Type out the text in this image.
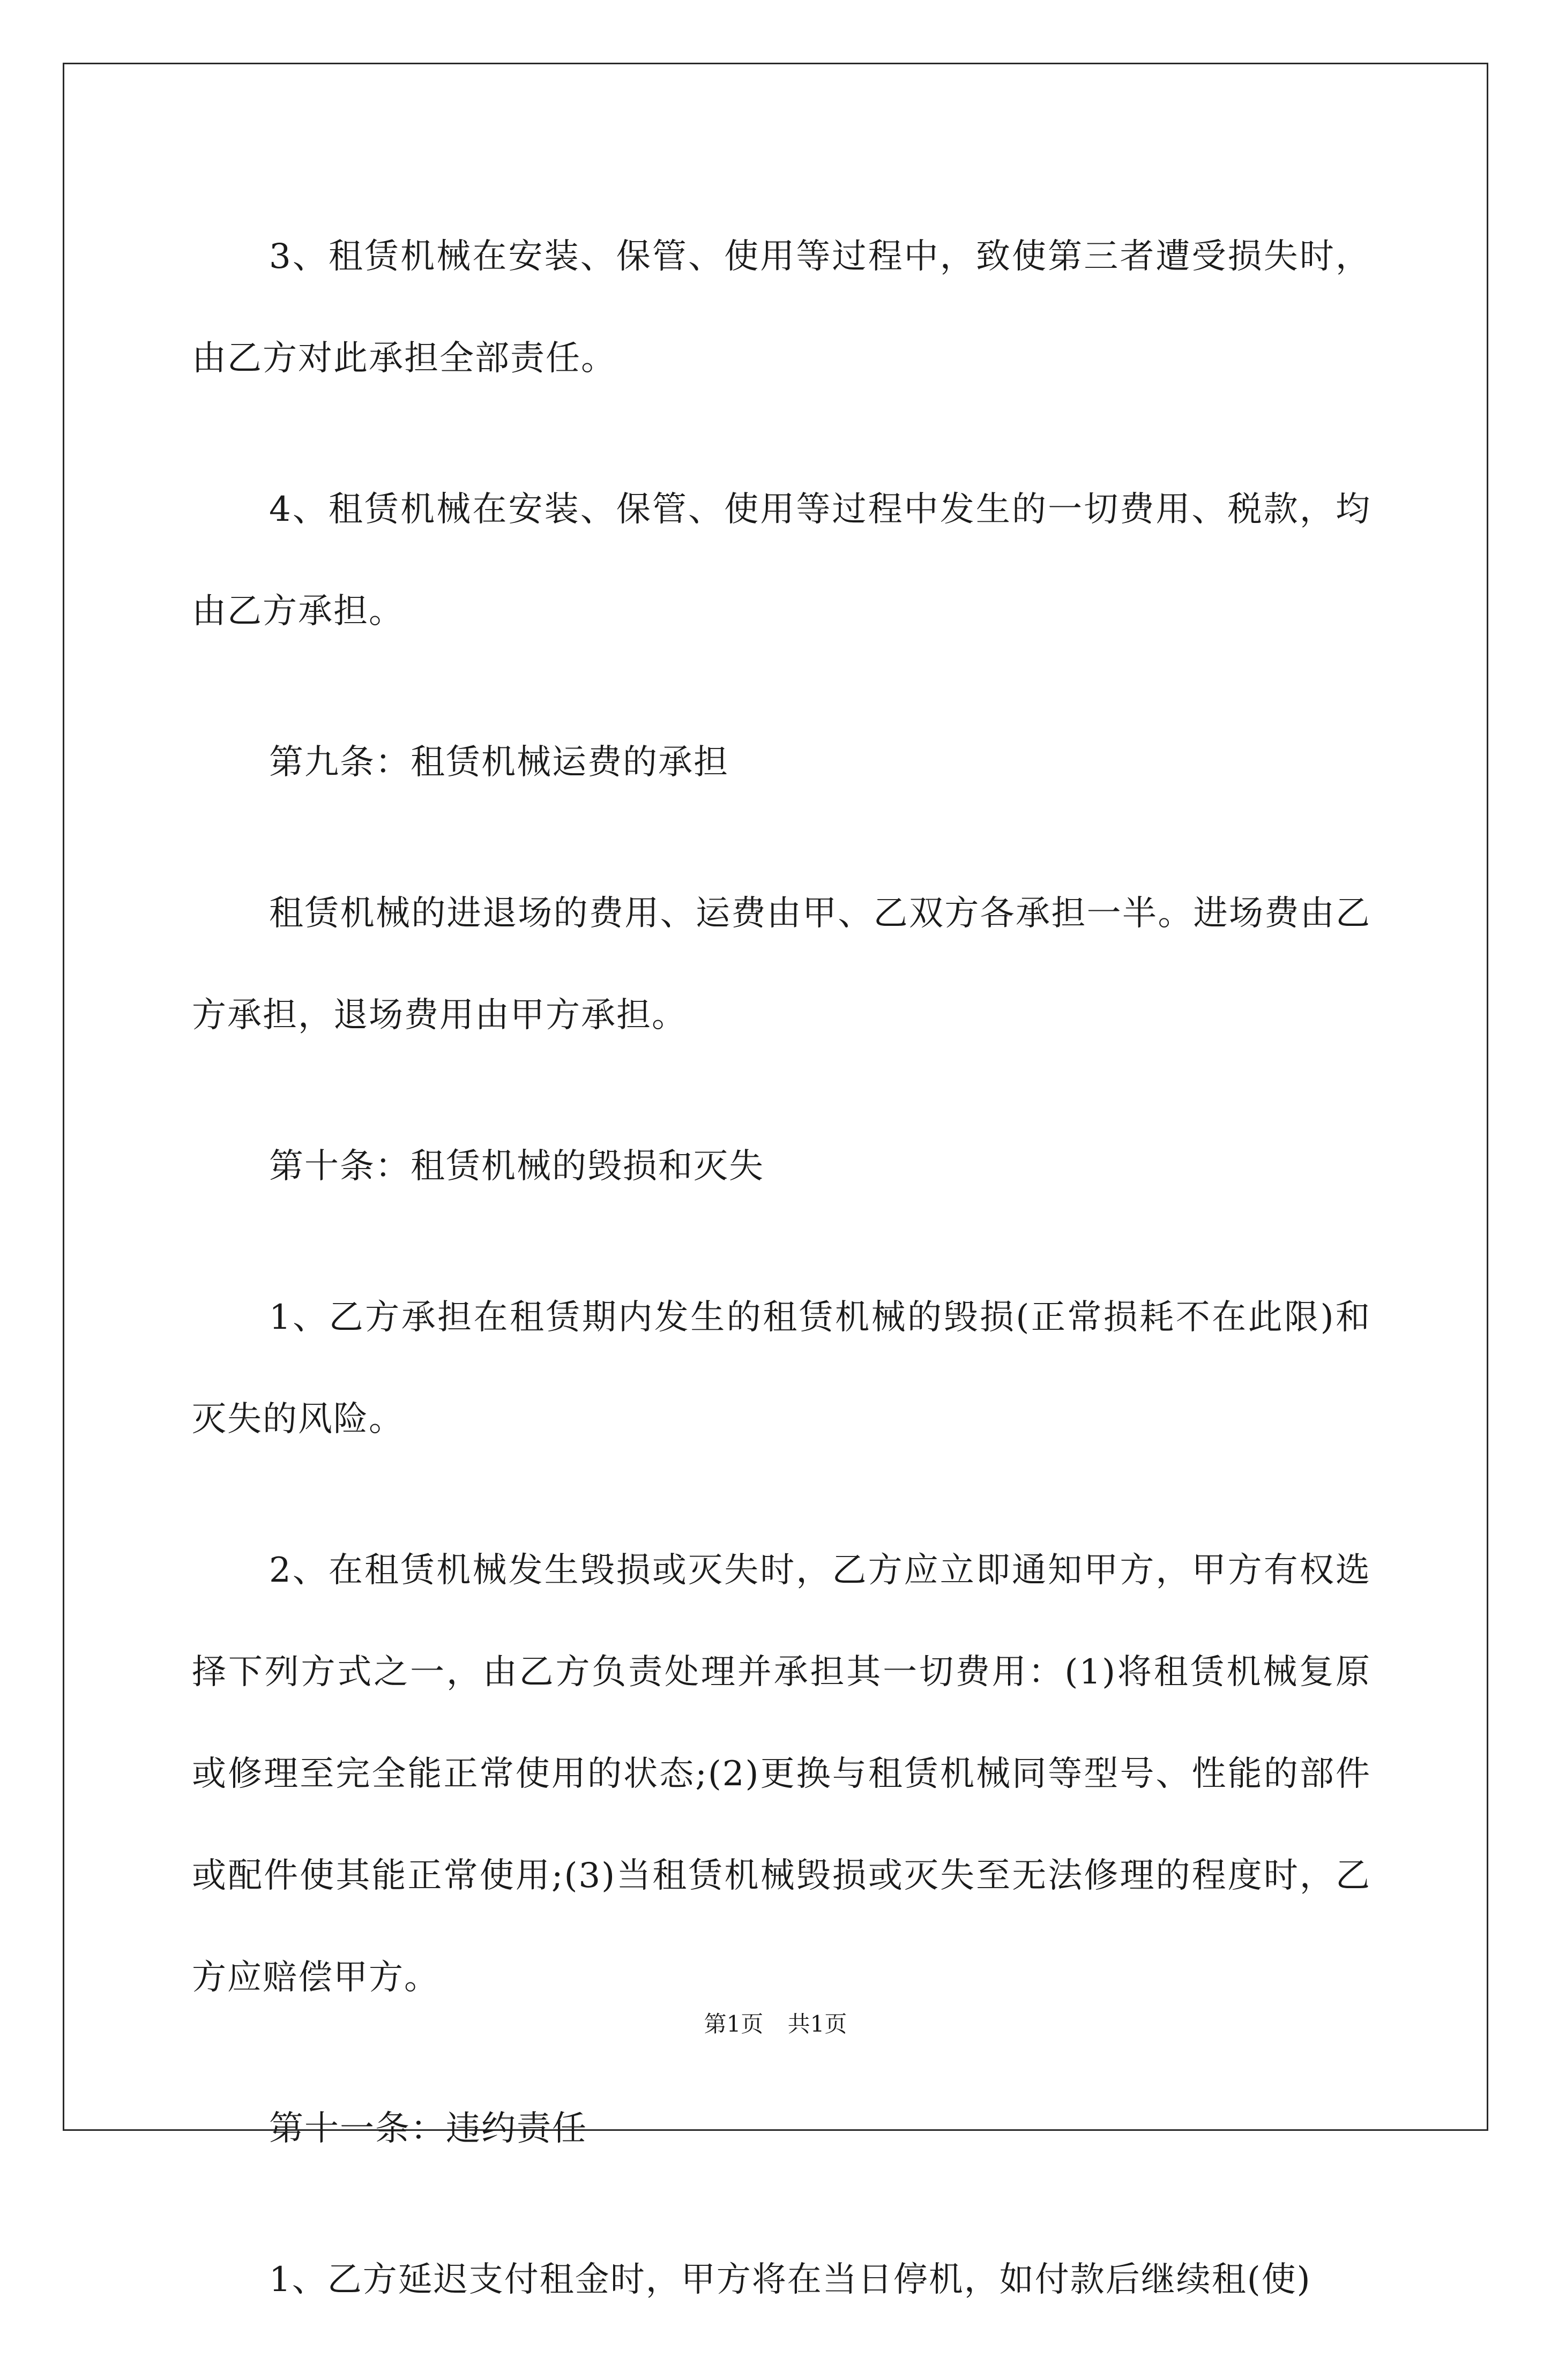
3、租赁机械在安装、保管、使用等过程中，致使第三者遭受损失时，由乙方对此承担全部责任。

4、租赁机械在安装、保管、使用等过程中发生的一切费用、税款，均由乙方承担。

第九条：租赁机械运费的承担

租赁机械的进退场的费用、运费由甲、乙双方各承担一半。进场费由乙方承担，退场费用由甲方承担。

第十条：租赁机械的毁损和灭失

1、乙方承担在租赁期内发生的租赁机械的毁损(正常损耗不在此限)和灭失的风险。

2、在租赁机械发生毁损或灭失时，乙方应立即通知甲方，甲方有权选择下列方式之一，由乙方负责处理并承担其一切费用：(1)将租赁机械复原或修理至完全能正常使用的状态;(2)更换与租赁机械同等型号、性能的部件或配件使其能正常使用;(3)当租赁机械毁损或灭失至无法修理的程度时，乙方应赔偿甲方。

第十一条：违约责任

1、乙方延迟支付租金时，甲方将在当日停机，如付款后继续租(使)

第1页 共1页
